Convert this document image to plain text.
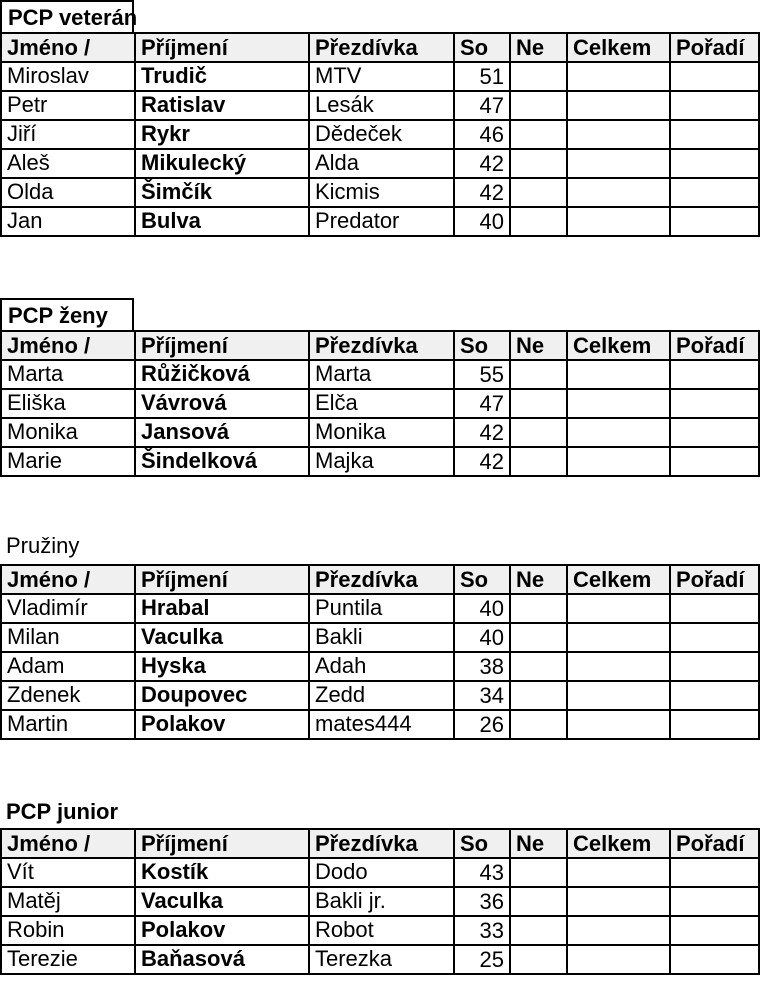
PCP veterán
Jméno /	Příjmení	Přezdívka	So	Ne	Celkem	Pořadí
Miroslav	Trudič	MTV	51			
Petr	Ratislav	Lesák	47			
Jiří	Rykr	Dědeček	46			
Aleš	Mikulecký	Alda	42			
Olda	Šimčík	Kicmis	42			
Jan	Bulva	Predator	40			
PCP ženy
Jméno /	Příjmení	Přezdívka	So	Ne	Celkem	Pořadí
Marta	Růžičková	Marta	55			
Eliška	Vávrová	Elča	47			
Monika	Jansová	Monika	42			
Marie	Šindelková	Majka	42			
Pružiny
Jméno /	Příjmení	Přezdívka	So	Ne	Celkem	Pořadí
Vladimír	Hrabal	Puntila	40			
Milan	Vaculka	Bakli	40			
Adam	Hyska	Adah	38			
Zdenek	Doupovec	Zedd	34			
Martin	Polakov	mates444	26			
PCP junior
Jméno /	Příjmení	Přezdívka	So	Ne	Celkem	Pořadí
Vít	Kostík	Dodo	43			
Matěj	Vaculka	Bakli jr.	36			
Robin	Polakov	Robot	33			
Terezie	Baňasová	Terezka	25			
